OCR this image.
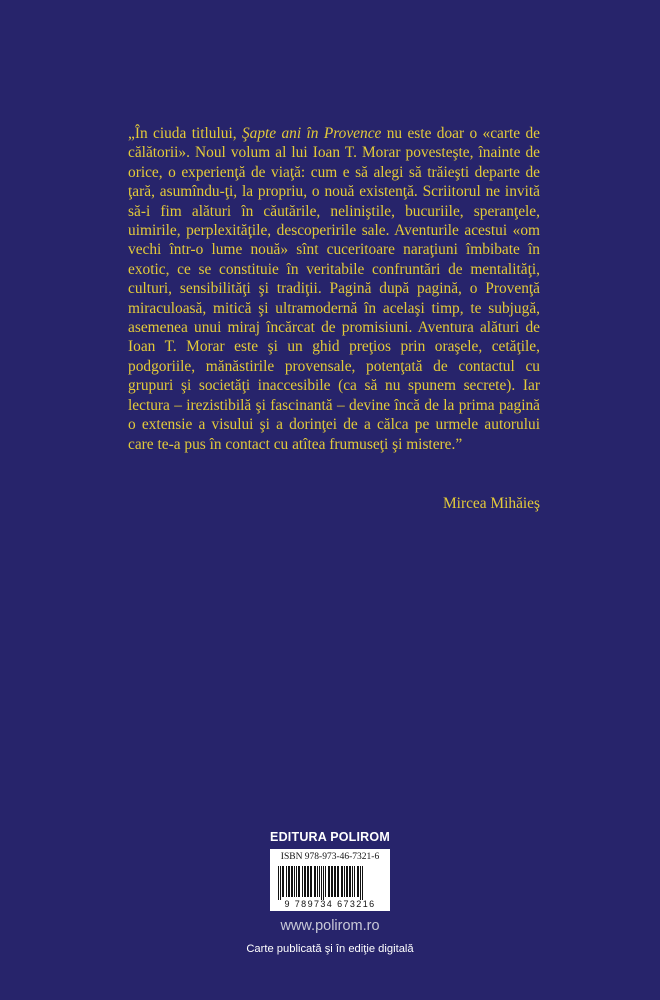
„În ciuda titlului, Şapte ani în Provence nu este doar o «carte de călătorii». Noul volum al lui Ioan T. Morar povesteşte, înainte de orice, o experienţă de viaţă: cum e să alegi să trăieşti departe de ţară, asumîndu-ţi, la propriu, o nouă existenţă. Scriitorul ne invită să-i fim alături în căutările, neliniştile, bucuriile, speranţele, uimirile, perplexităţile, descoperirile sale. Aventurile acestui «om vechi într-o lume nouă» sînt cuceritoare naraţiuni îmbibate în exotic, ce se constituie în veritabile confruntări de mentalităţi, culturi, sensibilităţi şi tradiţii. Pagină după pagină, o Provenţă miraculoasă, mitică şi ultramodernă în acelaşi timp, te subjugă, asemenea unui miraj încărcat de promisiuni. Aventura alături de Ioan T. Morar este şi un ghid preţios prin oraşele, cetăţile, podgoriile, mănăstirile provensale, potenţată de contactul cu grupuri şi societăţi inaccesibile (ca să nu spunem secrete). Iar lectura – irezistibilă şi fascinantă – devine încă de la prima pagină o extensie a visului şi a dorinţei de a călca pe urmele autorului care te-a pus în contact cu atîtea frumuseţi şi mistere.”

Mircea Mihăieş
EDITURA POLIROM
ISBN 978-973-46-7321-6
9 789734 673216
www.polirom.ro
Carte publicată şi în ediţie digitală
